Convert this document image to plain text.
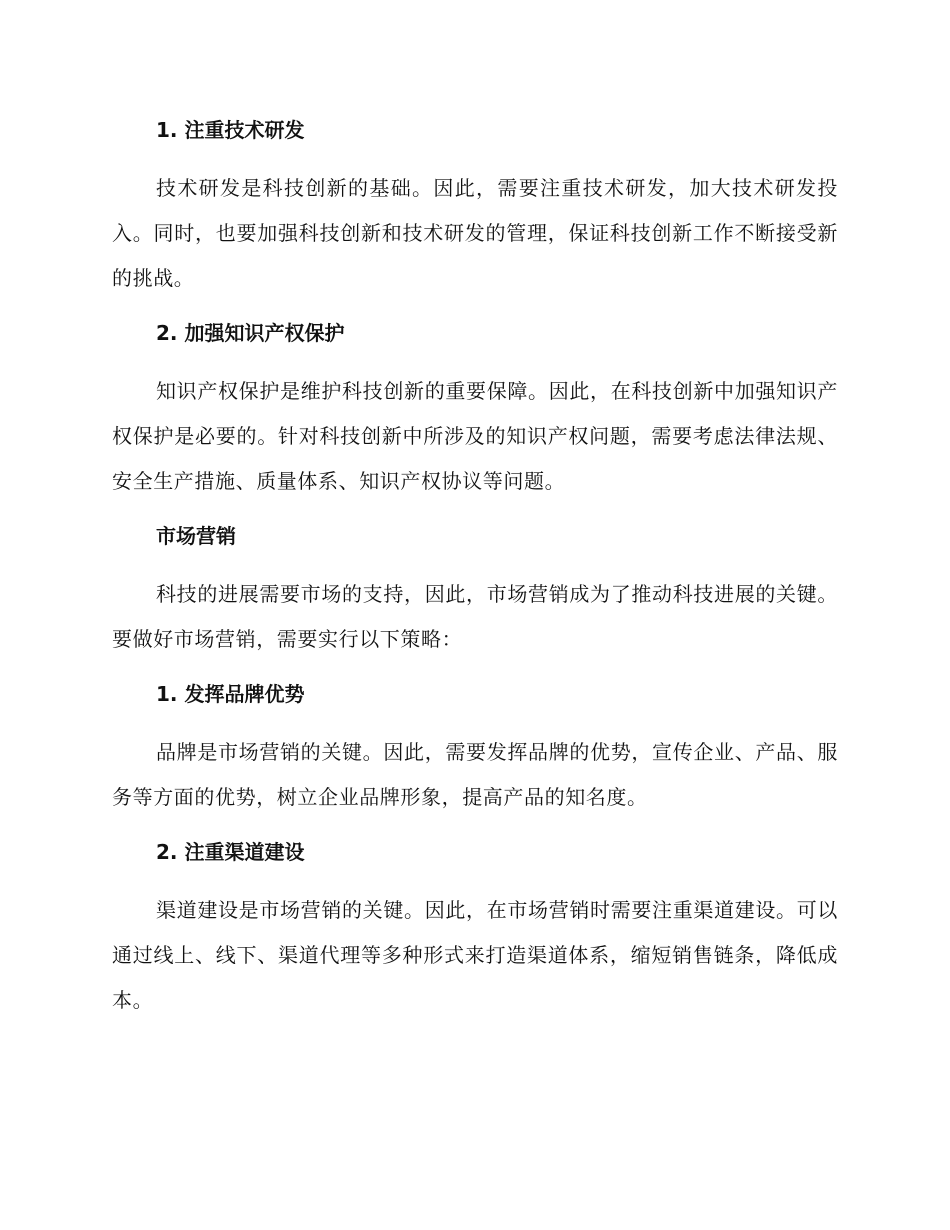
1. 注重技术研发

技术研发是科技创新的基础。因此，需要注重技术研发，加大技术研发投入。同时，也要加强科技创新和技术研发的管理，保证科技创新工作不断接受新的挑战。

2. 加强知识产权保护

知识产权保护是维护科技创新的重要保障。因此，在科技创新中加强知识产权保护是必要的。针对科技创新中所涉及的知识产权问题，需要考虑法律法规、安全生产措施、质量体系、知识产权协议等问题。

市场营销

科技的进展需要市场的支持，因此，市场营销成为了推动科技进展的关键。要做好市场营销，需要实行以下策略：

1. 发挥品牌优势

品牌是市场营销的关键。因此，需要发挥品牌的优势，宣传企业、产品、服务等方面的优势，树立企业品牌形象，提高产品的知名度。

2. 注重渠道建设

渠道建设是市场营销的关键。因此，在市场营销时需要注重渠道建设。可以通过线上、线下、渠道代理等多种形式来打造渠道体系，缩短销售链条，降低成本。
